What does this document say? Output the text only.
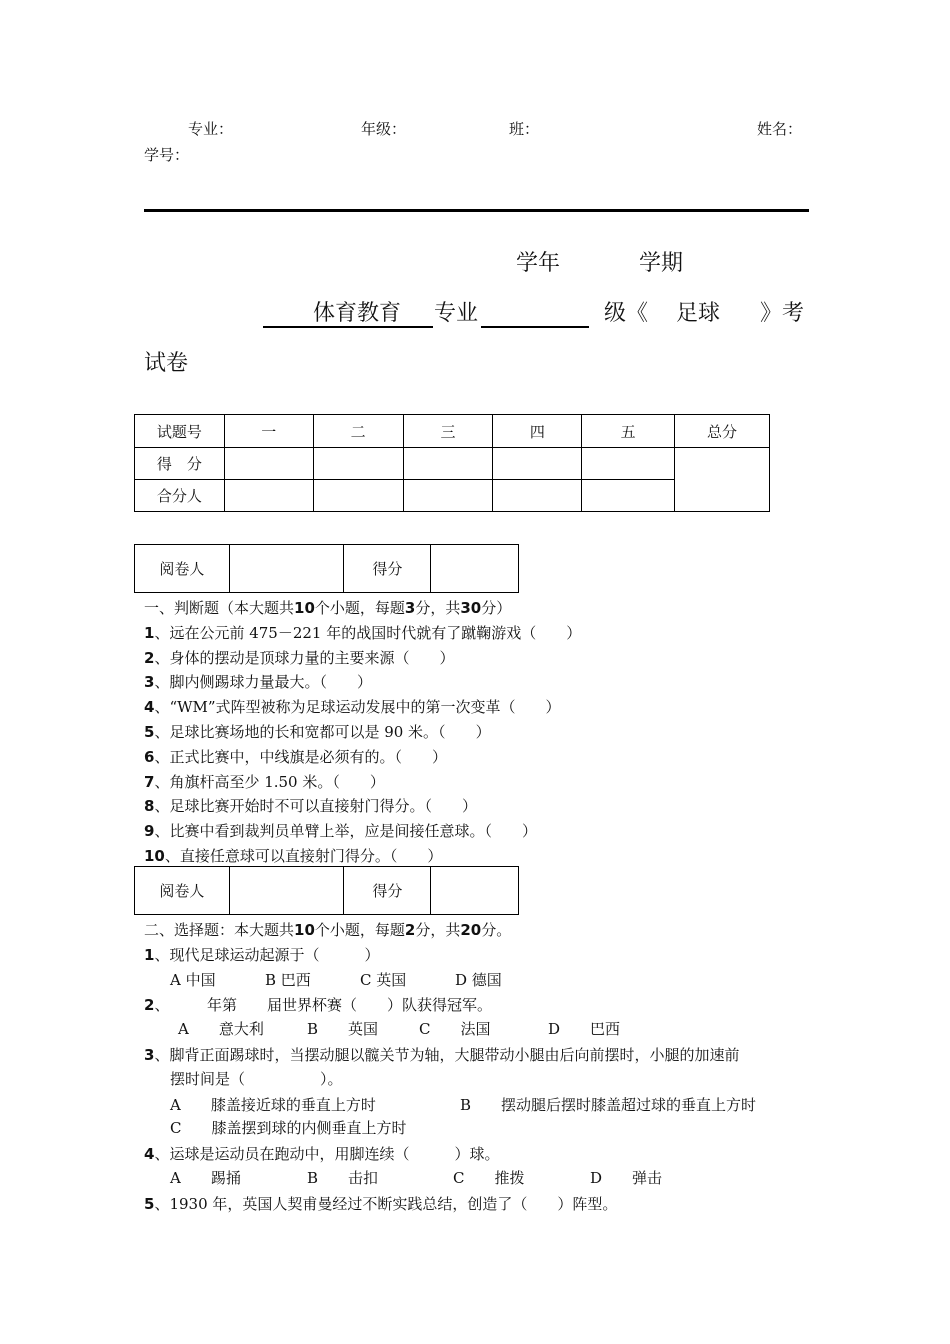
专业：	年级：	班：	姓名：
学号：
学年	学期
体育教育 专业	级《 足球 》考
试卷
试题号	一	二	三	四	五	总分
得　分						
合分人						
阅卷人		得分	
一、判断题（本大题共10个小题，每题3分，共30分）
1、远在公元前 475－221 年的战国时代就有了蹴鞠游戏（　　）
2、身体的摆动是顶球力量的主要来源（　　）
3、脚内侧踢球力量最大。（　　）
4、“WM”式阵型被称为足球运动发展中的第一次变革（　　）
5、足球比赛场地的长和宽都可以是 90 米。（　　）
6、正式比赛中，中线旗是必须有的。（　　）
7、角旗杆高至少 1.50 米。（　　）
8、足球比赛开始时不可以直接射门得分。（　　）
9、比赛中看到裁判员单臂上举，应是间接任意球。（　　）
10、直接任意球可以直接射门得分。（　　）
阅卷人		得分	
二、选择题：本大题共10个小题，每题2分，共20分。
1、现代足球运动起源于（　　　）
A 中国	B 巴西	C 英国	D 德国
2、　　　年第　　届世界杯赛（　　）队获得冠军。
A　　意大利	B　　英国	C　　法国	D　　巴西
3、脚背正面踢球时，当摆动腿以髋关节为轴，大腿带动小腿由后向前摆时，小腿的加速前
摆时间是（　　　　　）。
A　　膝盖接近球的垂直上方时	B　　摆动腿后摆时膝盖超过球的垂直上方时
C　　膝盖摆到球的内侧垂直上方时
4、运球是运动员在跑动中，用脚连续（　　　）球。
A　　踢捅	B　　击扣	C　　推拨	D　　弹击
5、1930 年，英国人契甫曼经过不断实践总结，创造了（　　）阵型。
